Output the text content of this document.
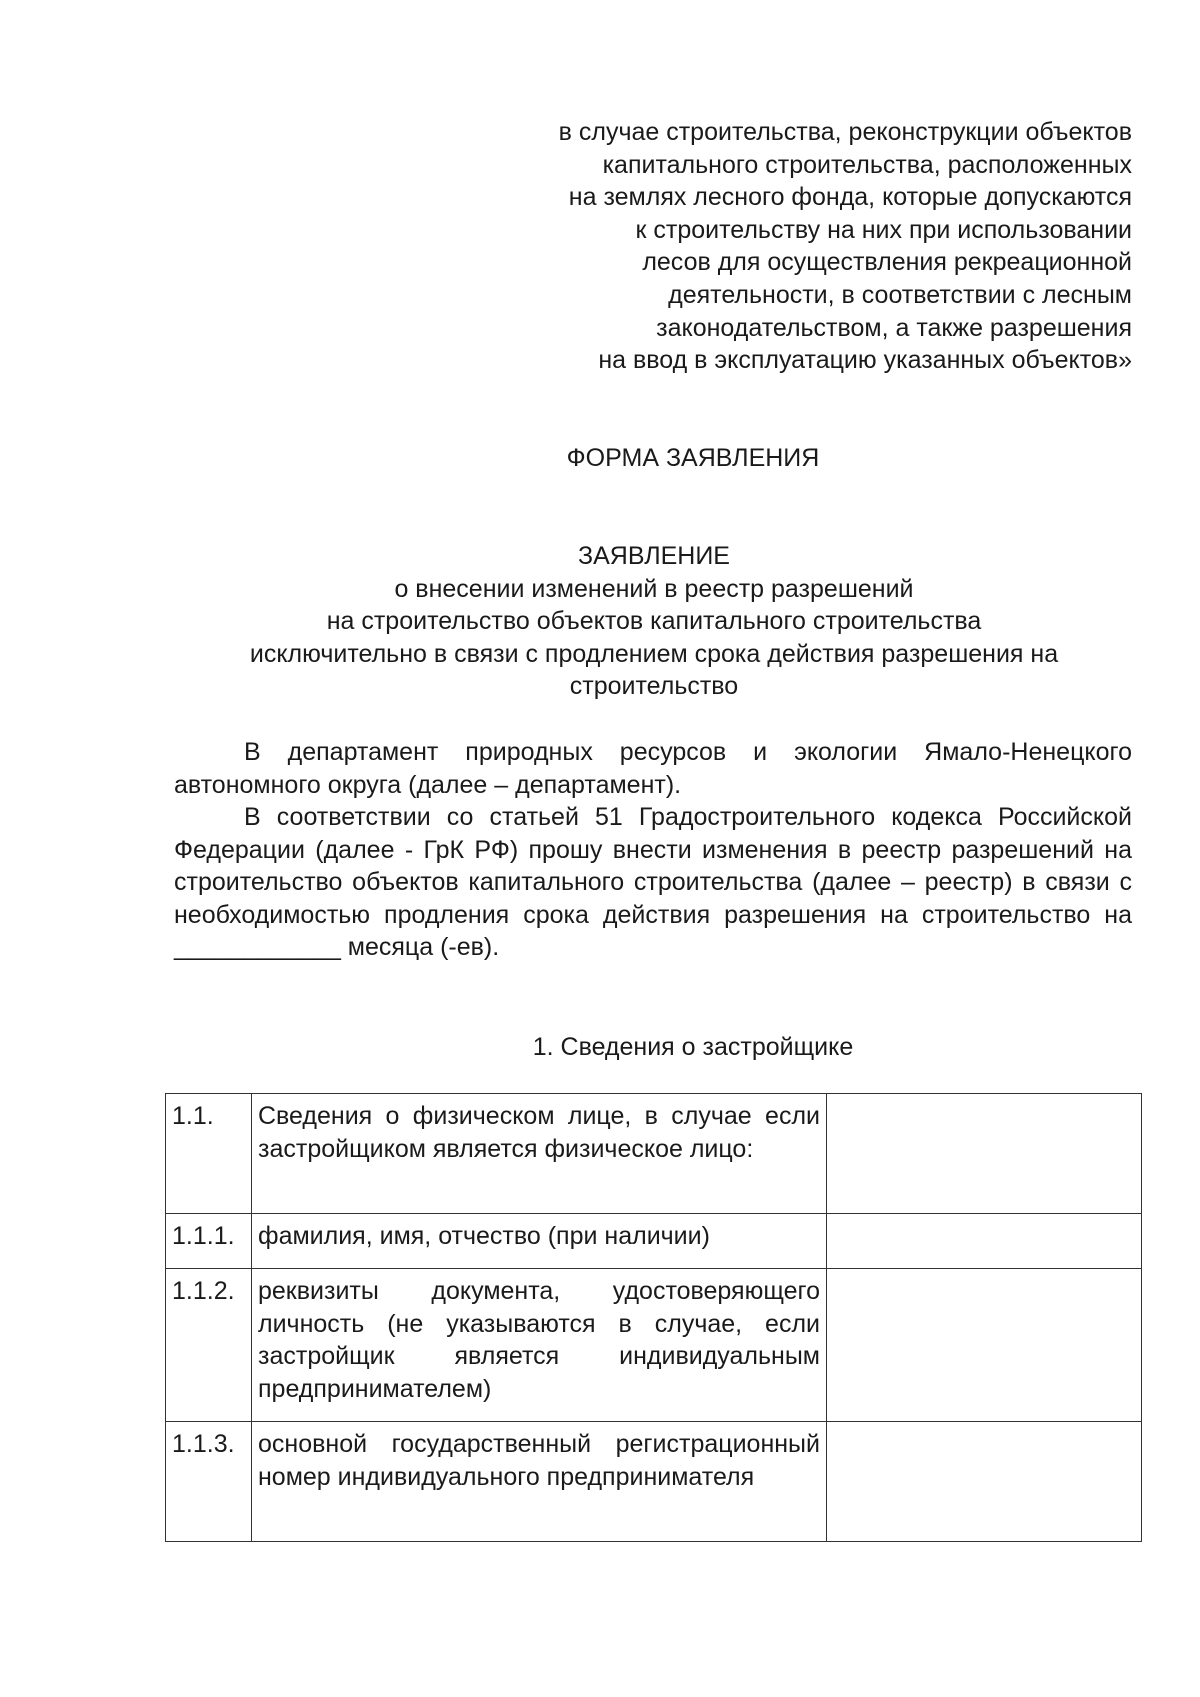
в случае строительства, реконструкции объектов
капитального строительства, расположенных
на землях лесного фонда, которые допускаются
к строительству на них при использовании
лесов для осуществления рекреационной
деятельности, в соответствии с лесным
законодательством, а также разрешения
на ввод в эксплуатацию указанных объектов»
ФОРМА ЗАЯВЛЕНИЯ
ЗАЯВЛЕНИЕ
о внесении изменений в реестр разрешений
на строительство объектов капитального строительства
исключительно в связи с продлением срока действия разрешения на
строительство
В департамент природных ресурсов и экологии Ямало-Ненецкого автономного округа (далее – департамент).
В соответствии со статьей 51 Градостроительного кодекса Российской Федерации (далее - ГрК РФ) прошу внести изменения в реестр разрешений на строительство объектов капитального строительства (далее – реестр) в связи с необходимостью продления срока действия разрешения на строительство на ____________ месяца (-ев).
1. Сведения о застройщике
1.1.	Сведения о физическом лице, в случае если застройщиком является физическое лицо:	
1.1.1.	фамилия, имя, отчество (при наличии)	
1.1.2.	реквизиты документа, удостоверяющего личность (не указываются в случае, если застройщик является индивидуальным предпринимателем)	
1.1.3.	основной государственный регистрационный номер индивидуального предпринимателя	
